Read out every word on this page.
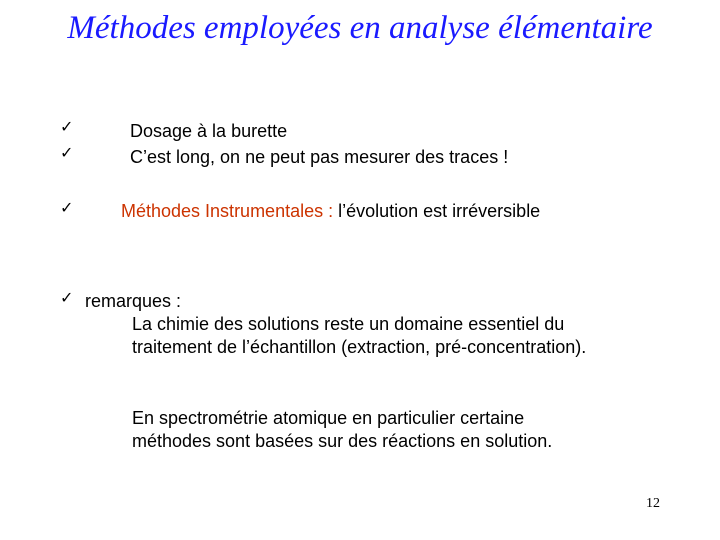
Méthodes employées en analyse élémentaire
✓	Dosage à la burette
✓	C’est long, on ne peut pas mesurer des traces !
✓	Méthodes Instrumentales : l’évolution est irréversible
✓ remarques :
La chimie des solutions reste un domaine essentiel du traitement de l’échantillon (extraction, pré-concentration).
En spectrométrie atomique en particulier certaine méthodes sont basées sur des réactions en solution.
12
